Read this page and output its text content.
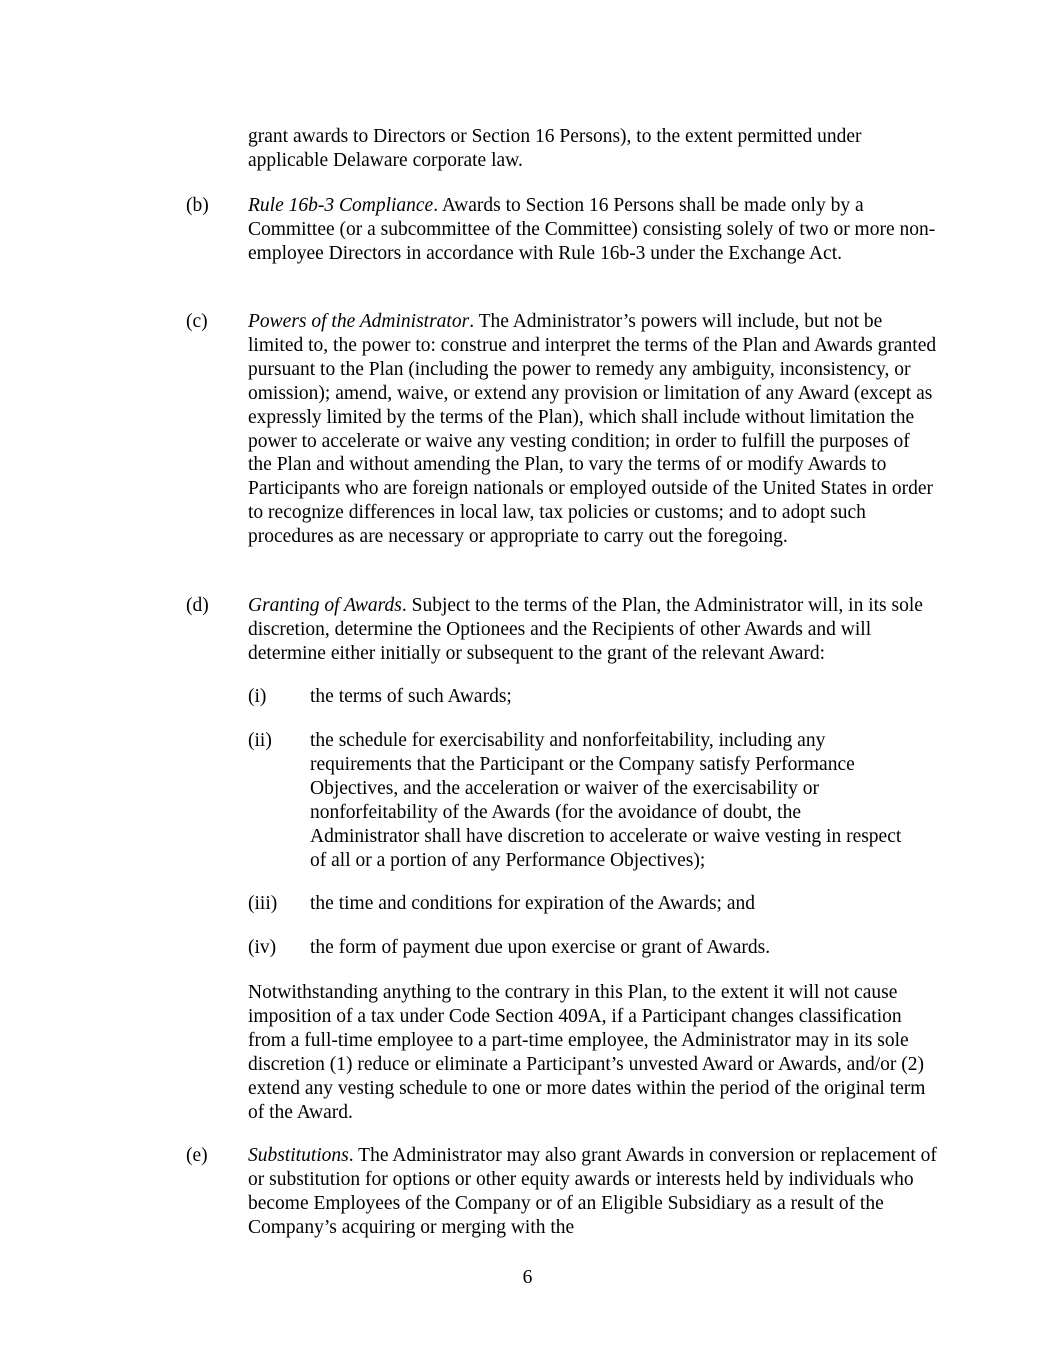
grant awards to Directors or Section 16 Persons), to the extent permitted under applicable Delaware corporate law.

(b) Rule 16b-3 Compliance. Awards to Section 16 Persons shall be made only by a Committee (or a subcommittee of the Committee) consisting solely of two or more non-employee Directors in accordance with Rule 16b-3 under the Exchange Act.

(c) Powers of the Administrator. The Administrator’s powers will include, but not be limited to, the power to: construe and interpret the terms of the Plan and Awards granted pursuant to the Plan (including the power to remedy any ambiguity, inconsistency, or omission); amend, waive, or extend any provision or limitation of any Award (except as expressly limited by the terms of the Plan), which shall include without limitation the power to accelerate or waive any vesting condition; in order to fulfill the purposes of the Plan and without amending the Plan, to vary the terms of or modify Awards to Participants who are foreign nationals or employed outside of the United States in order to recognize differences in local law, tax policies or customs; and to adopt such procedures as are necessary or appropriate to carry out the foregoing.

(d) Granting of Awards. Subject to the terms of the Plan, the Administrator will, in its sole discretion, determine the Optionees and the Recipients of other Awards and will determine either initially or subsequent to the grant of the relevant Award:

(i) the terms of such Awards;

(ii) the schedule for exercisability and nonforfeitability, including any requirements that the Participant or the Company satisfy Performance Objectives, and the acceleration or waiver of the exercisability or nonforfeitability of the Awards (for the avoidance of doubt, the Administrator shall have discretion to accelerate or waive vesting in respect of all or a portion of any Performance Objectives);

(iii) the time and conditions for expiration of the Awards; and

(iv) the form of payment due upon exercise or grant of Awards.

Notwithstanding anything to the contrary in this Plan, to the extent it will not cause imposition of a tax under Code Section 409A, if a Participant changes classification from a full-time employee to a part-time employee, the Administrator may in its sole discretion (1) reduce or eliminate a Participant’s unvested Award or Awards, and/or (2) extend any vesting schedule to one or more dates within the period of the original term of the Award.

(e) Substitutions. The Administrator may also grant Awards in conversion or replacement of or substitution for options or other equity awards or interests held by individuals who become Employees of the Company or of an Eligible Subsidiary as a result of the Company’s acquiring or merging with the

6
